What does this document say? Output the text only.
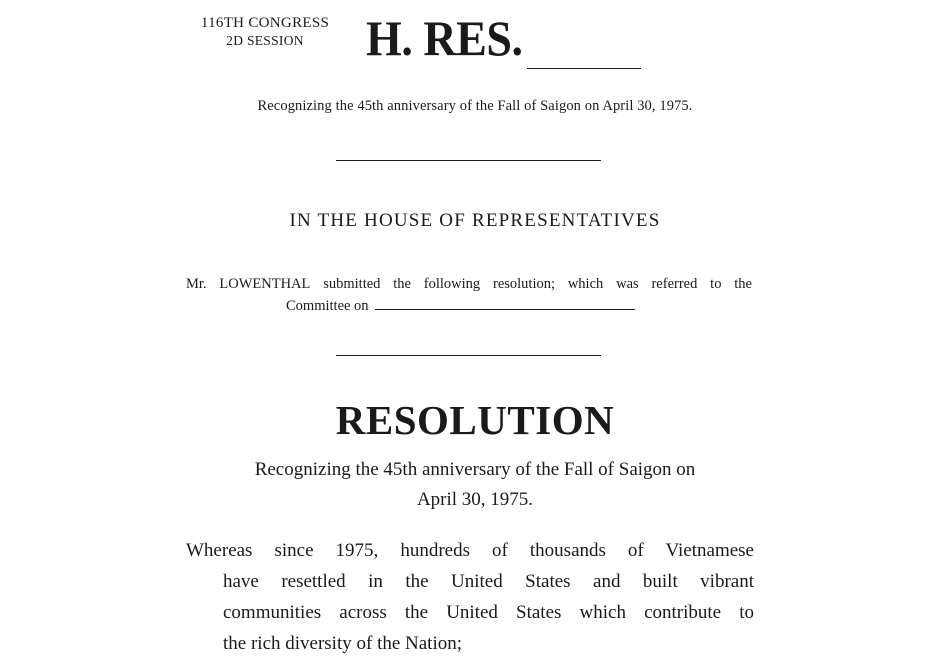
116TH CONGRESS
2D SESSION	H. RES.
Recognizing the 45th anniversary of the Fall of Saigon on April 30, 1975.
IN THE HOUSE OF REPRESENTATIVES
Mr. LOWENTHAL submitted the following resolution; which was referred to the
Committee on
RESOLUTION
Recognizing the 45th anniversary of the Fall of Saigon on
April 30, 1975.
Whereas since 1975, hundreds of thousands of Vietnamese
have resettled in the United States and built vibrant
communities across the United States which contribute to
the rich diversity of the Nation;
